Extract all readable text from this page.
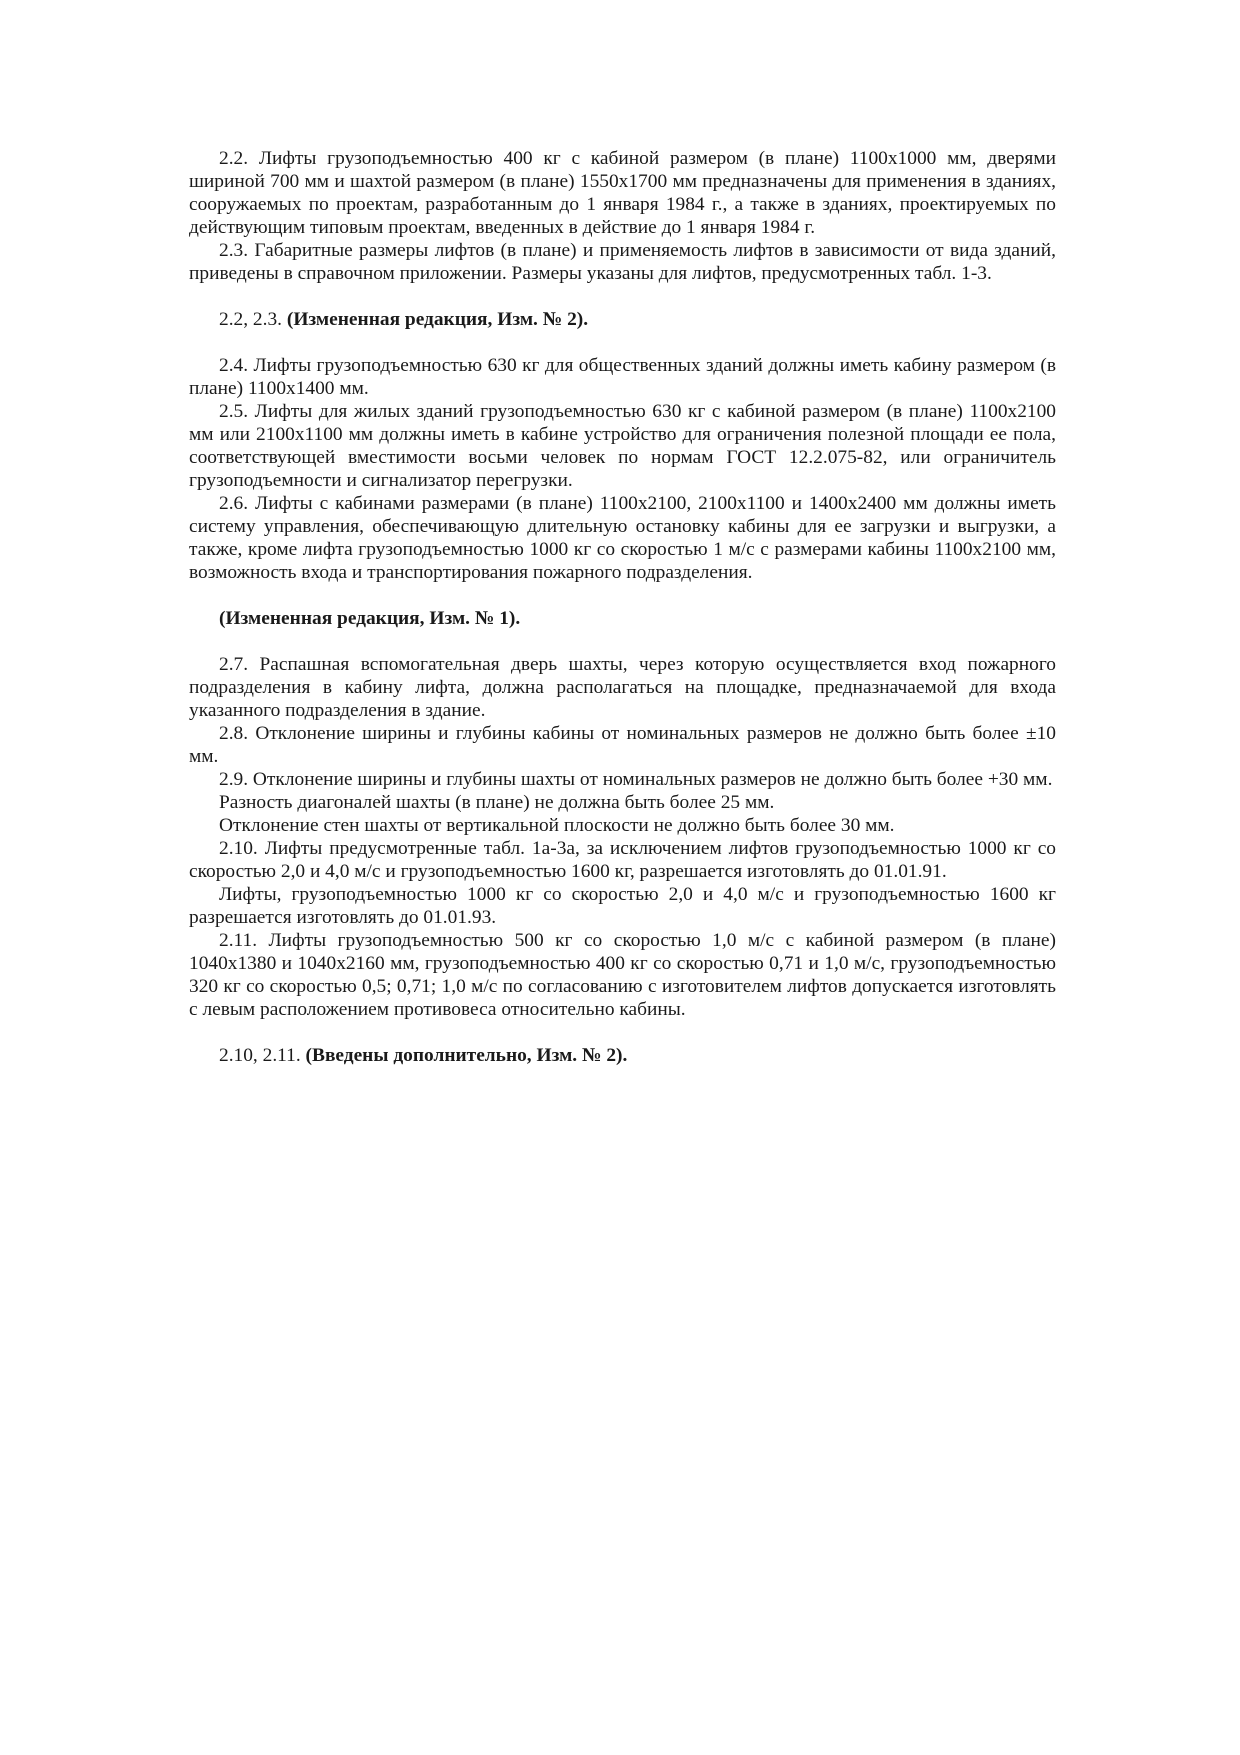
2.2. Лифты грузоподъемностью 400 кг с кабиной размером (в плане) 1100х1000 мм, дверями шириной 700 мм и шахтой размером (в плане) 1550х1700 мм предназначены для применения в зданиях, сооружаемых по проектам, разработанным до 1 января 1984 г., а также в зданиях, проектируемых по действующим типовым проектам, введенных в действие до 1 января 1984 г.

2.3. Габаритные размеры лифтов (в плане) и применяемость лифтов в зависимости от вида зданий, приведены в справочном приложении. Размеры указаны для лифтов, предусмотренных табл. 1-3.

2.2, 2.3. (Измененная редакция, Изм. № 2).

2.4. Лифты грузоподъемностью 630 кг для общественных зданий должны иметь кабину размером (в плане) 1100х1400 мм.

2.5. Лифты для жилых зданий грузоподъемностью 630 кг с кабиной размером (в плане) 1100х2100 мм или 2100х1100 мм должны иметь в кабине устройство для ограничения полезной площади ее пола, соответствующей вместимости восьми человек по нормам ГОСТ 12.2.075-82, или ограничитель грузоподъемности и сигнализатор перегрузки.

2.6. Лифты с кабинами размерами (в плане) 1100х2100, 2100х1100 и 1400х2400 мм должны иметь систему управления, обеспечивающую длительную остановку кабины для ее загрузки и выгрузки, а также, кроме лифта грузоподъемностью 1000 кг со скоростью 1 м/с с размерами кабины 1100х2100 мм, возможность входа и транспортирования пожарного подразделения.

(Измененная редакция, Изм. № 1).

2.7. Распашная вспомогательная дверь шахты, через которую осуществляется вход пожарного подразделения в кабину лифта, должна располагаться на площадке, предназначаемой для входа указанного подразделения в здание.

2.8. Отклонение ширины и глубины кабины от номинальных размеров не должно быть более ±10 мм.

2.9. Отклонение ширины и глубины шахты от номинальных размеров не должно быть более +30 мм.

Разность диагоналей шахты (в плане) не должна быть более 25 мм.

Отклонение стен шахты от вертикальной плоскости не должно быть более 30 мм.

2.10. Лифты предусмотренные табл. 1а-3а, за исключением лифтов грузоподъемностью 1000 кг со скоростью 2,0 и 4,0 м/с и грузоподъемностью 1600 кг, разрешается изготовлять до 01.01.91.

Лифты, грузоподъемностью 1000 кг со скоростью 2,0 и 4,0 м/с и грузоподъемностью 1600 кг разрешается изготовлять до 01.01.93.

2.11. Лифты грузоподъемностью 500 кг со скоростью 1,0 м/с с кабиной размером (в плане) 1040х1380 и 1040х2160 мм, грузоподъемностью 400 кг со скоростью 0,71 и 1,0 м/с, грузоподъемностью 320 кг со скоростью 0,5; 0,71; 1,0 м/с по согласованию с изготовителем лифтов допускается изготовлять с левым расположением противовеса относительно кабины.

2.10, 2.11. (Введены дополнительно, Изм. № 2).
